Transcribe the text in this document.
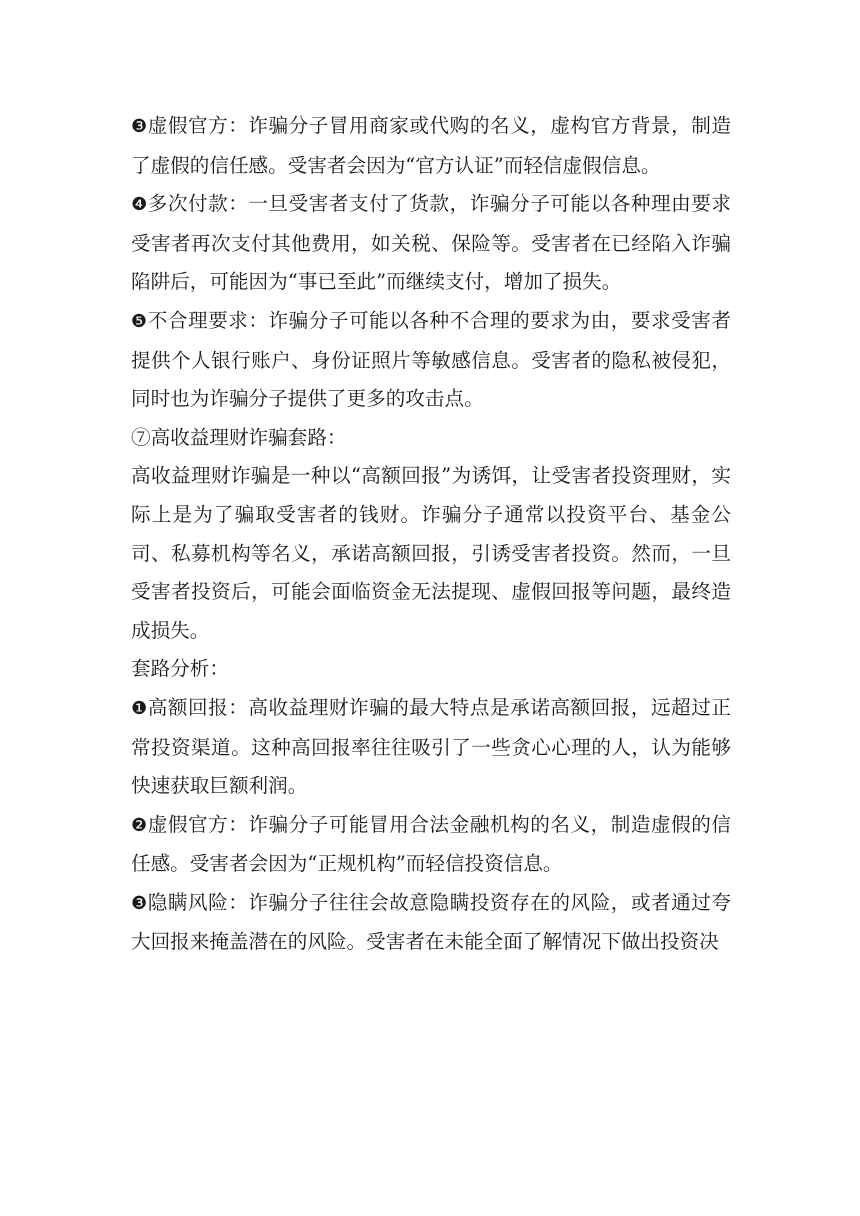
❸虚假官方：诈骗分子冒用商家或代购的名义，虚构官方背景，制造了虚假的信任感。受害者会因为“官方认证”而轻信虚假信息。

❹多次付款：一旦受害者支付了货款，诈骗分子可能以各种理由要求受害者再次支付其他费用，如关税、保险等。受害者在已经陷入诈骗陷阱后，可能因为“事已至此”而继续支付，增加了损失。

❺不合理要求：诈骗分子可能以各种不合理的要求为由，要求受害者提供个人银行账户、身份证照片等敏感信息。受害者的隐私被侵犯，同时也为诈骗分子提供了更多的攻击点。

⑦高收益理财诈骗套路：

高收益理财诈骗是一种以“高额回报”为诱饵，让受害者投资理财，实际上是为了骗取受害者的钱财。诈骗分子通常以投资平台、基金公司、私募机构等名义，承诺高额回报，引诱受害者投资。然而，一旦受害者投资后，可能会面临资金无法提现、虚假回报等问题，最终造成损失。

套路分析：

❶高额回报：高收益理财诈骗的最大特点是承诺高额回报，远超过正常投资渠道。这种高回报率往往吸引了一些贪心心理的人，认为能够快速获取巨额利润。

❷虚假官方：诈骗分子可能冒用合法金融机构的名义，制造虚假的信任感。受害者会因为“正规机构”而轻信投资信息。

❸隐瞒风险：诈骗分子往往会故意隐瞒投资存在的风险，或者通过夸大回报来掩盖潜在的风险。受害者在未能全面了解情况下做出投资决
